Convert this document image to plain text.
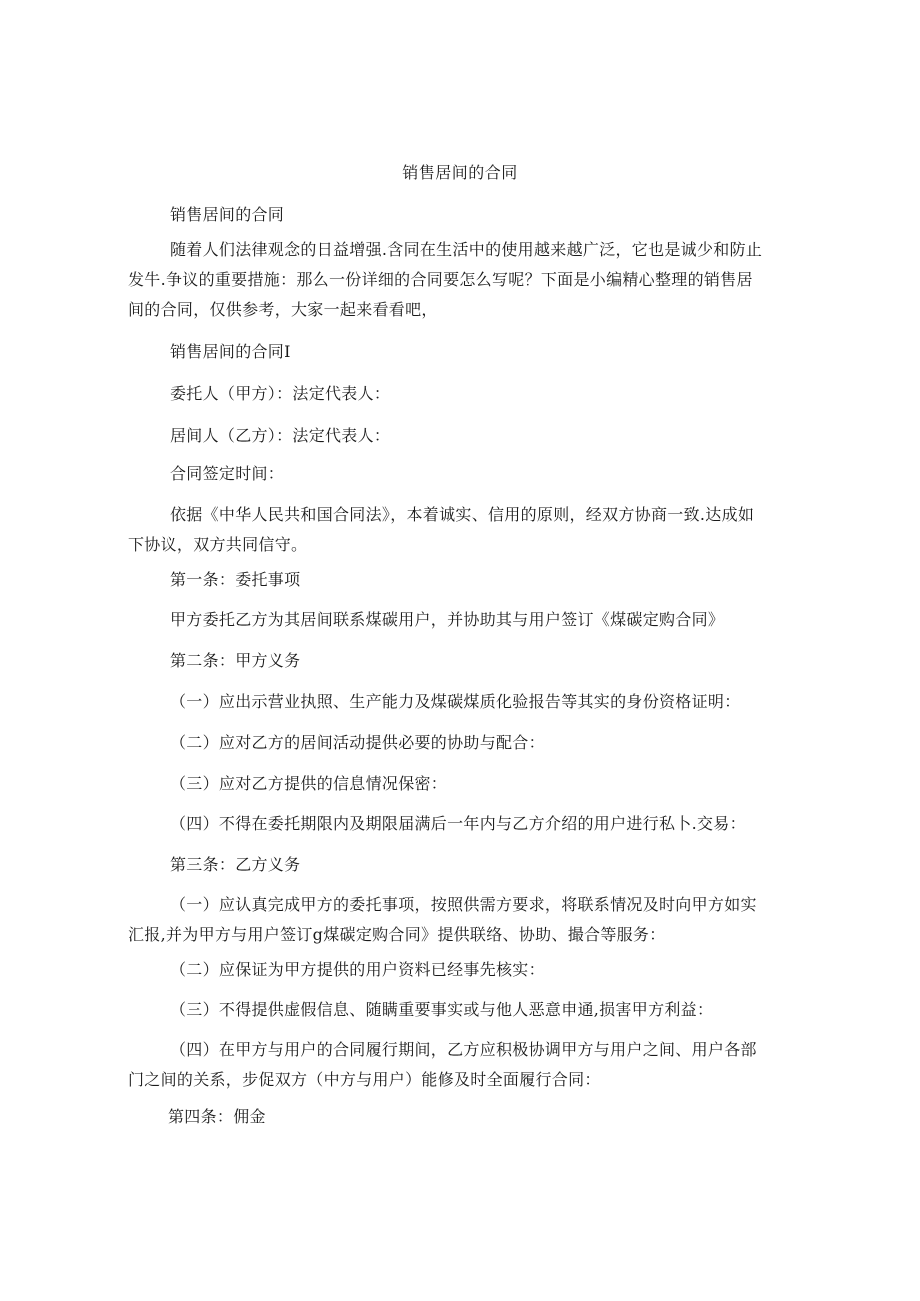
销售居间的合同

销售居间的合同

随着人们法律观念的日益增强.含同在生活中的使用越来越广泛，它也是诚少和防止
发牛.争议的重要措施：那么一份详细的合同要怎么写呢？下面是小编精心整理的销售居
间的合同，仅供参考，大家一起来看看吧，

销售居间的合同I

委托人（甲方）：法定代表人：

居间人（乙方）：法定代表人：

合同签定时间：

依据《中华人民共和国合同法》，本着诚实、信用的原则，经双方协商一致.达成如
下协议，双方共同信守。

第一条：委托事项

甲方委托乙方为其居间联系煤碳用户，并协助其与用户签订《煤碳定购合同》

第二条：甲方义务

（一）应出示营业执照、生产能力及煤碳煤质化验报告等其实的身份资格证明：

（二）应对乙方的居间活动提供必要的协助与配合：

（三）应对乙方提供的信息情况保密：

（四）不得在委托期限内及期限届满后一年内与乙方介绍的用户进行私卜.交易：

第三条：乙方义务

（一）应认真完成甲方的委托事项，按照供需方要求，将联系情况及时向甲方如实
汇报,并为甲方与用户签订g煤碳定购合同》提供联络、协助、撮合等服务：

（二）应保证为甲方提供的用户资料已经事先核实：

（三）不得提供虚假信息、随瞒重要事实或与他人恶意申通,损害甲方利益：

（四）在甲方与用户的合同履行期间，乙方应积极协调甲方与用户之间、用户各部
门之间的关系，步促双方（中方与用户）能修及时全面履行合同：

第四条：佣金
